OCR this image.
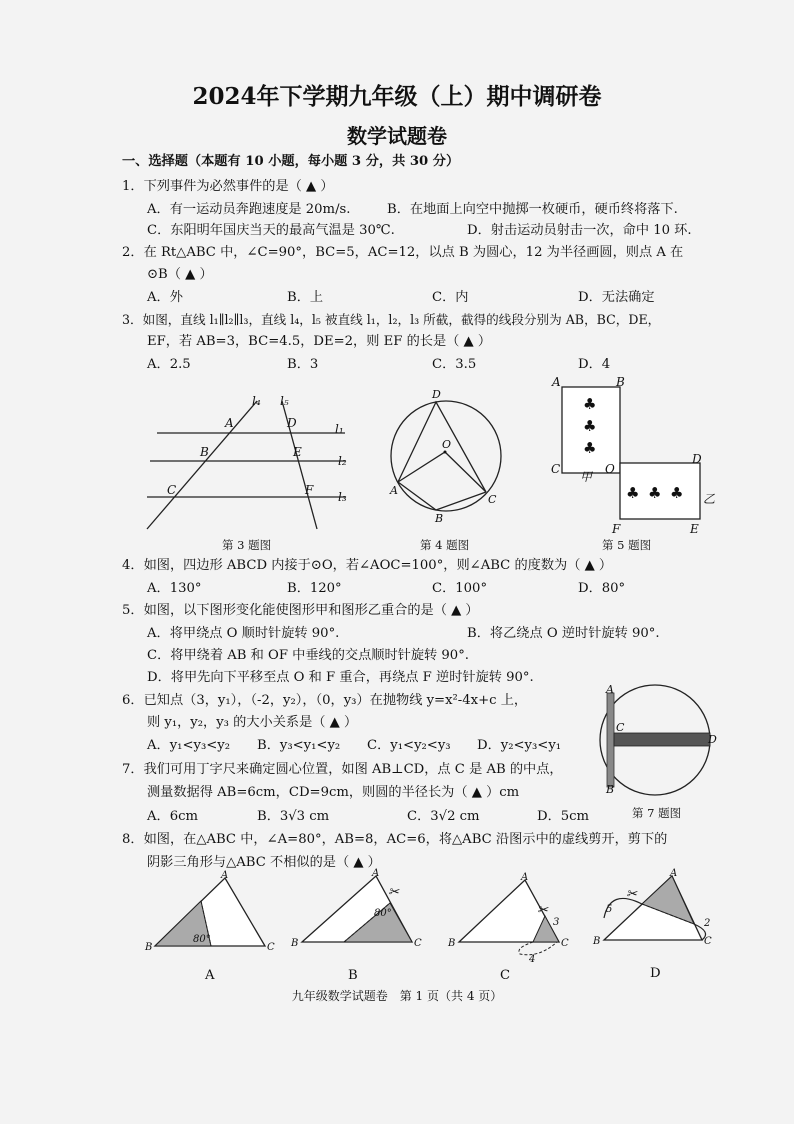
2024年下学期九年级（上）期中调研卷
数学试题卷
一、选择题（本题有 10 小题，每小题 3 分，共 30 分）
1．下列事件为必然事件的是（ ▲ ）
A．有一运动员奔跑速度是 20m/s.	B．在地面上向空中抛掷一枚硬币，硬币终将落下.
C．东阳明年国庆当天的最高气温是 30℃.	D．射击运动员射击一次，命中 10 环.
2．在 Rt△ABC 中，∠C=90°，BC=5，AC=12，以点 B 为圆心，12 为半径画圆，则点 A 在
⊙B（ ▲ ）
A．外	B．上	C．内	D．无法确定
3．如图，直线 l₁∥l₂∥l₃，直线 l₄，l₅ 被直线 l₁，l₂，l₃ 所截，截得的线段分别为 AB，BC，DE，
EF，若 AB=3，BC=4.5，DE=2，则 EF 的长是（ ▲ ）
A．2.5	B．3	C．3.5	D．4
l₄ l₅
l₁
l₂
l₃
A	D
B	E
C	F
第 3 题图
D
O
A
B
C
第 4 题图
♣
♣
♣
♣ ♣ ♣
A	B
C	O
D
甲
乙
F	E
第 5 题图
4．如图，四边形 ABCD 内接于⊙O，若∠AOC=100°，则∠ABC 的度数为（ ▲ ）
A．130°	B．120°	C．100°	D．80°
5．如图，以下图形变化能使图形甲和图形乙重合的是（ ▲ ）
A．将甲绕点 O 顺时针旋转 90°.	B．将乙绕点 O 逆时针旋转 90°.
C．将甲绕着 AB 和 OF 中垂线的交点顺时针旋转 90°.
D．将甲先向下平移至点 O 和 F 重合，再绕点 F 逆时针旋转 90°.
6．已知点（3，y₁），（-2，y₂），（0，y₃）在抛物线 y=x²-4x+c 上，
则 y₁，y₂，y₃ 的大小关系是（ ▲ ）
A．y₁<y₃<y₂ B．y₃<y₁<y₂ C．y₁<y₂<y₃ D．y₂<y₃<y₁
7．我们可用丁字尺来确定圆心位置，如图 AB⊥CD，点 C 是 AB 的中点，
测量数据得 AB=6cm，CD=9cm，则圆的半径长为（ ▲ ）cm
A．6cm	B．3√3 cm	C．3√2 cm	D．5cm
A
C
D
B
第 7 题图
8．如图，在△ABC 中，∠A=80°，AB=8，AC=6，将△ABC 沿图示中的虚线剪开，剪下的
阴影三角形与△ABC 不相似的是（ ▲ ）
A
B	C
80°
A
✂
A
B	C
80°
B
✂
A
B	C
3
4
C
✂
A
B	C
5
2
D
九年级数学试题卷　第 1 页（共 4 页）
